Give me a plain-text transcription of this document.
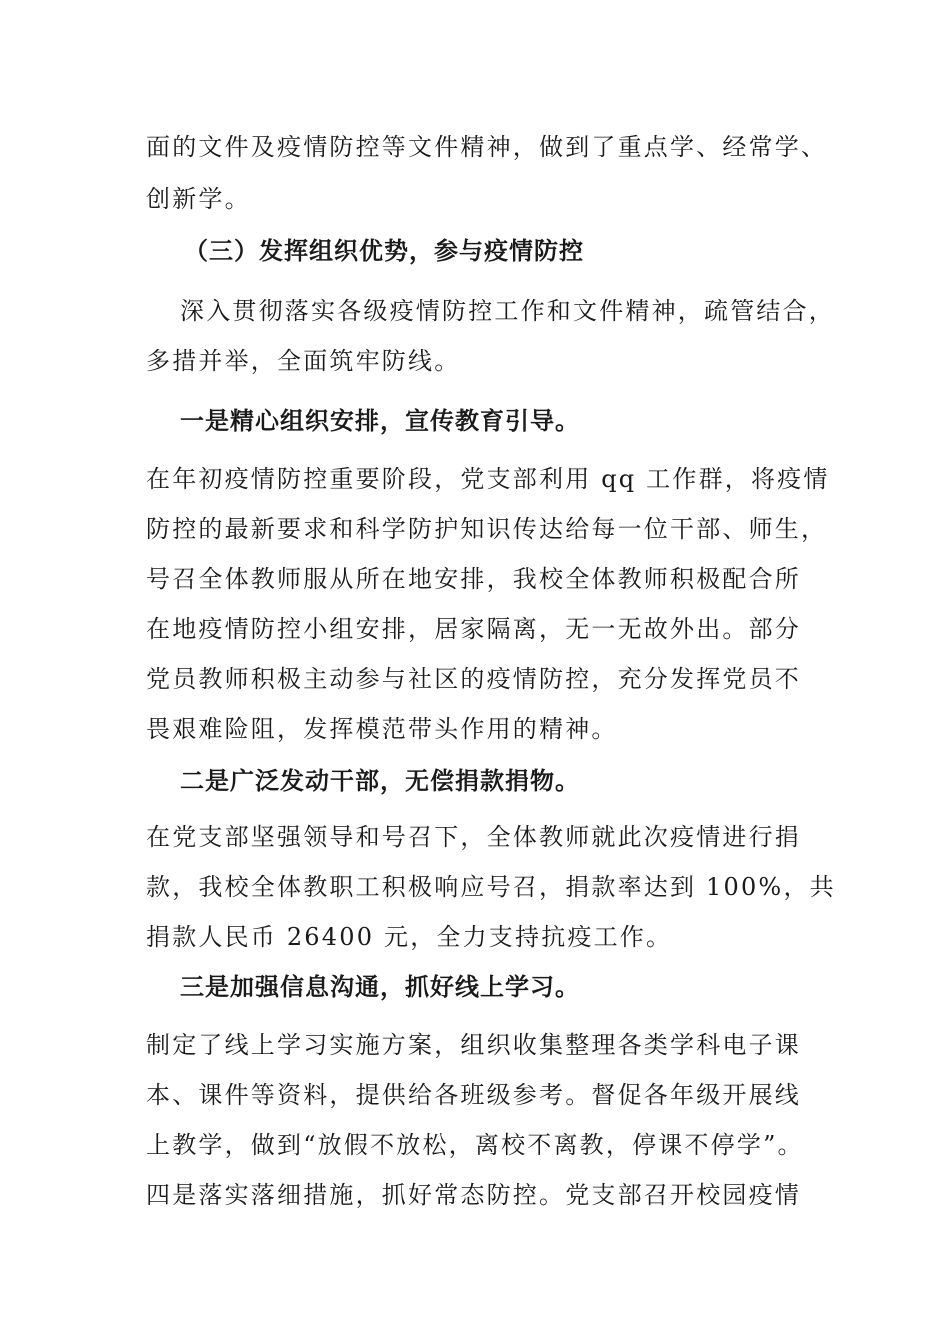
面的文件及疫情防控等文件精神，做到了重点学、经常学、
创新学。
（三）发挥组织优势，参与疫情防控
深入贯彻落实各级疫情防控工作和文件精神，疏管结合，
多措并举，全面筑牢防线。
一是精心组织安排，宣传教育引导。
在年初疫情防控重要阶段，党支部利用 qq 工作群，将疫情
防控的最新要求和科学防护知识传达给每一位干部、师生，
号召全体教师服从所在地安排，我校全体教师积极配合所
在地疫情防控小组安排，居家隔离，无一无故外出。部分
党员教师积极主动参与社区的疫情防控，充分发挥党员不
畏艰难险阻，发挥模范带头作用的精神。
二是广泛发动干部，无偿捐款捐物。
在党支部坚强领导和号召下，全体教师就此次疫情进行捐
款，我校全体教职工积极响应号召，捐款率达到 100%，共
捐款人民币 26400 元，全力支持抗疫工作。
三是加强信息沟通，抓好线上学习。
制定了线上学习实施方案，组织收集整理各类学科电子课
本、课件等资料，提供给各班级参考。督促各年级开展线
上教学，做到“放假不放松，离校不离教，停课不停学”。
四是落实落细措施，抓好常态防控。党支部召开校园疫情
